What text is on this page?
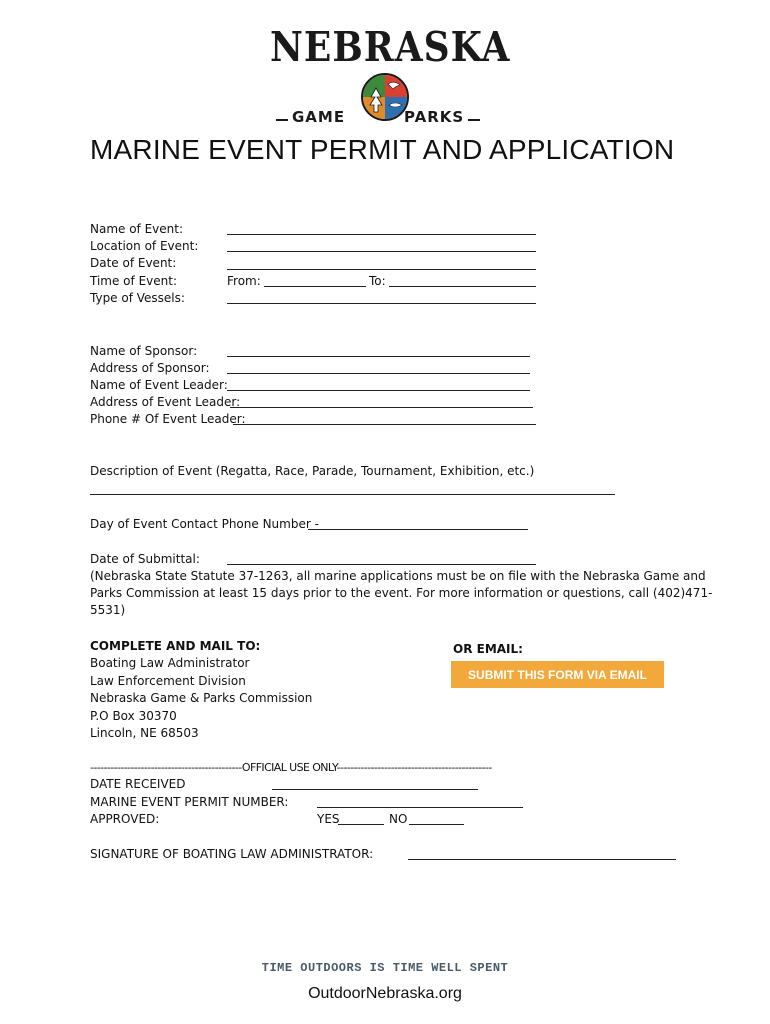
NEBRASKA
GAME	PARKS
MARINE EVENT PERMIT AND APPLICATION
Name of Event:
Location of Event:
Date of Event:
Time of Event:	From:	To:
Type of Vessels:
Name of Sponsor:
Address of Sponsor:
Name of Event Leader:
Address of Event Leader:
Phone # Of Event Leader:
Description of Event (Regatta, Race, Parade, Tournament, Exhibition, etc.)
Day of Event Contact Phone Number -
Date of Submittal:
(Nebraska State Statute 37-1263, all marine applications must be on file with the Nebraska Game and
Parks Commission at least 15 days prior to the event. For more information or questions, call (402)471-
5531)
COMPLETE AND MAIL TO:
Boating Law Administrator
Law Enforcement Division
Nebraska Game & Parks Commission
P.O Box 30370
Lincoln, NE 68503
OR EMAIL:
SUBMIT THIS FORM VIA EMAIL
---------------------------------------------OFFICIAL USE ONLY----------------------------------------------
DATE RECEIVED
MARINE EVENT PERMIT NUMBER:
APPROVED:	YES	NO
SIGNATURE OF BOATING LAW ADMINISTRATOR:
TIME OUTDOORS IS TIME WELL SPENT
OutdoorNebraska.org
